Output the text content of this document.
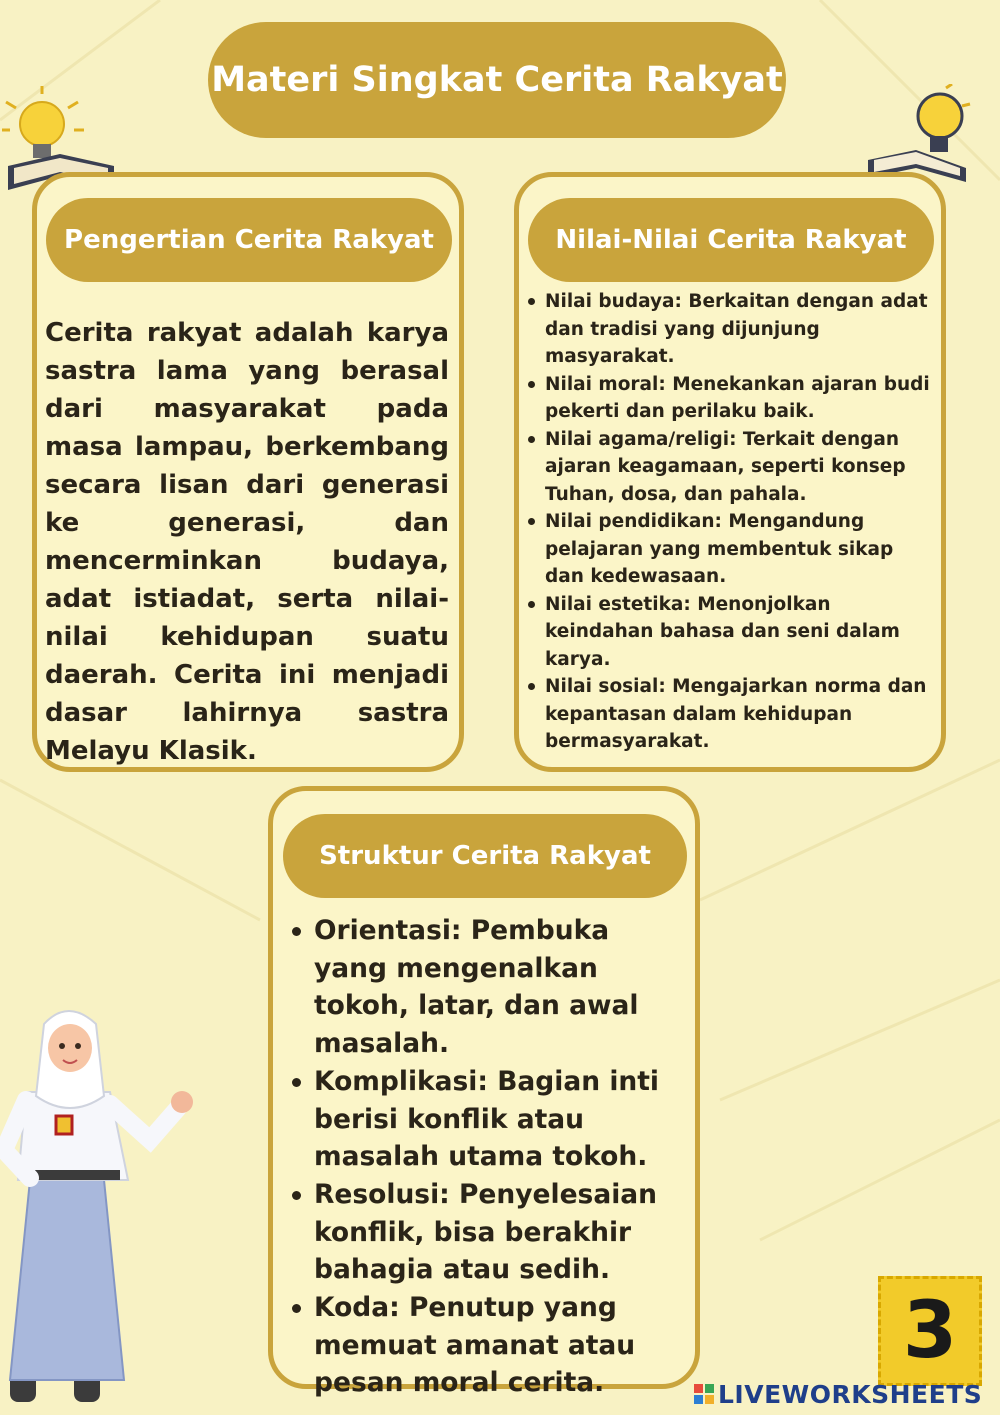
Materi Singkat Cerita Rakyat
Pengertian Cerita Rakyat
Cerita rakyat adalah karya sastra lama yang berasal dari masyarakat pada masa lampau, berkembang secara lisan dari generasi ke generasi, dan mencerminkan budaya, adat istiadat, serta nilai-nilai kehidupan suatu daerah. Cerita ini menjadi dasar lahirnya sastra Melayu Klasik.
Nilai-Nilai Cerita Rakyat
Nilai budaya: Berkaitan dengan adat dan tradisi yang dijunjung masyarakat.
Nilai moral: Menekankan ajaran budi pekerti dan perilaku baik.
Nilai agama/religi: Terkait dengan ajaran keagamaan, seperti konsep Tuhan, dosa, dan pahala.
Nilai pendidikan: Mengandung pelajaran yang membentuk sikap dan kedewasaan.
Nilai estetika: Menonjolkan keindahan bahasa dan seni dalam karya.
Nilai sosial: Mengajarkan norma dan kepantasan dalam kehidupan bermasyarakat.
Struktur Cerita Rakyat
Orientasi: Pembuka yang mengenalkan tokoh, latar, dan awal masalah.
Komplikasi: Bagian inti berisi konflik atau masalah utama tokoh.
Resolusi: Penyelesaian konflik, bisa berakhir bahagia atau sedih.
Koda: Penutup yang memuat amanat atau pesan moral cerita.
3
LIVEWORKSHEETS
